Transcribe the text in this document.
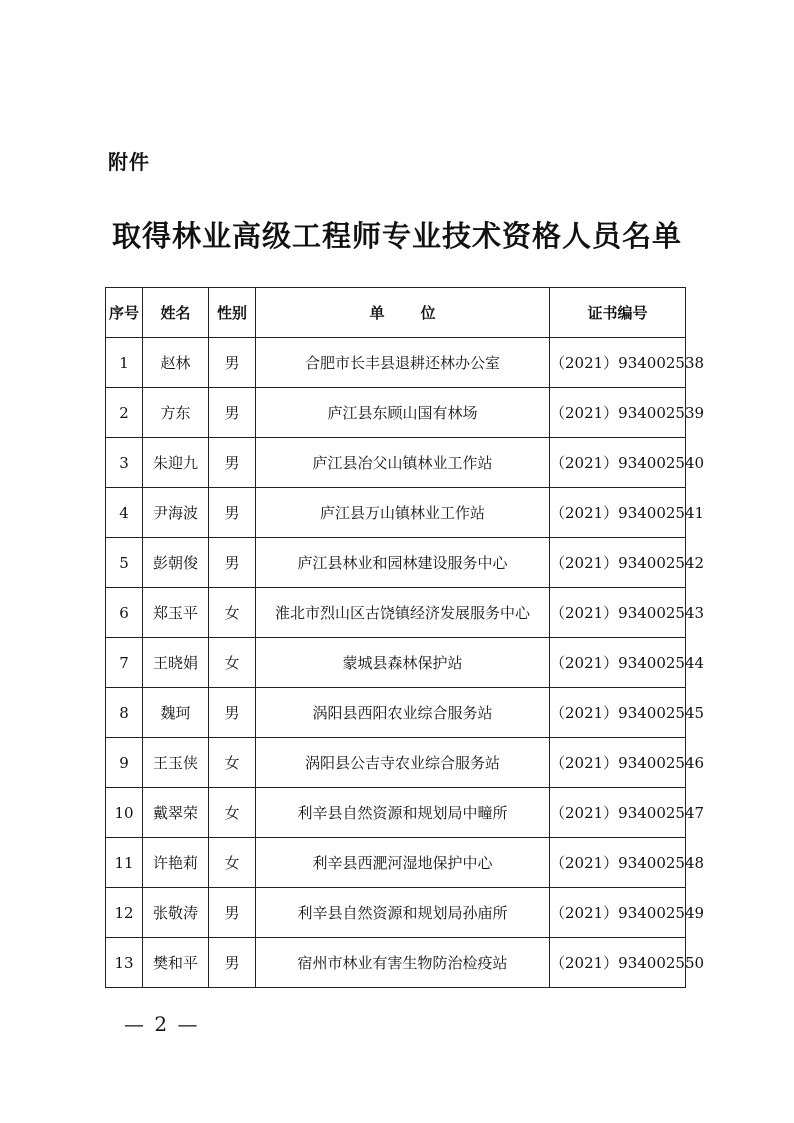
附件
取得林业高级工程师专业技术资格人员名单
序号	姓名	性别	单位	证书编号
1	赵林	男	合肥市长丰县退耕还林办公室	（2021）934002538
2	方东	男	庐江县东顾山国有林场	（2021）934002539
3	朱迎九	男	庐江县冶父山镇林业工作站	（2021）934002540
4	尹海波	男	庐江县万山镇林业工作站	（2021）934002541
5	彭朝俊	男	庐江县林业和园林建设服务中心	（2021）934002542
6	郑玉平	女	淮北市烈山区古饶镇经济发展服务中心	（2021）934002543
7	王晓娟	女	蒙城县森林保护站	（2021）934002544
8	魏珂	男	涡阳县西阳农业综合服务站	（2021）934002545
9	王玉侠	女	涡阳县公吉寺农业综合服务站	（2021）934002546
10	戴翠荣	女	利辛县自然资源和规划局中疃所	（2021）934002547
11	许艳莉	女	利辛县西淝河湿地保护中心	（2021）934002548
12	张敬涛	男	利辛县自然资源和规划局孙庙所	（2021）934002549
13	樊和平	男	宿州市林业有害生物防治检疫站	（2021）934002550
— 2 —
